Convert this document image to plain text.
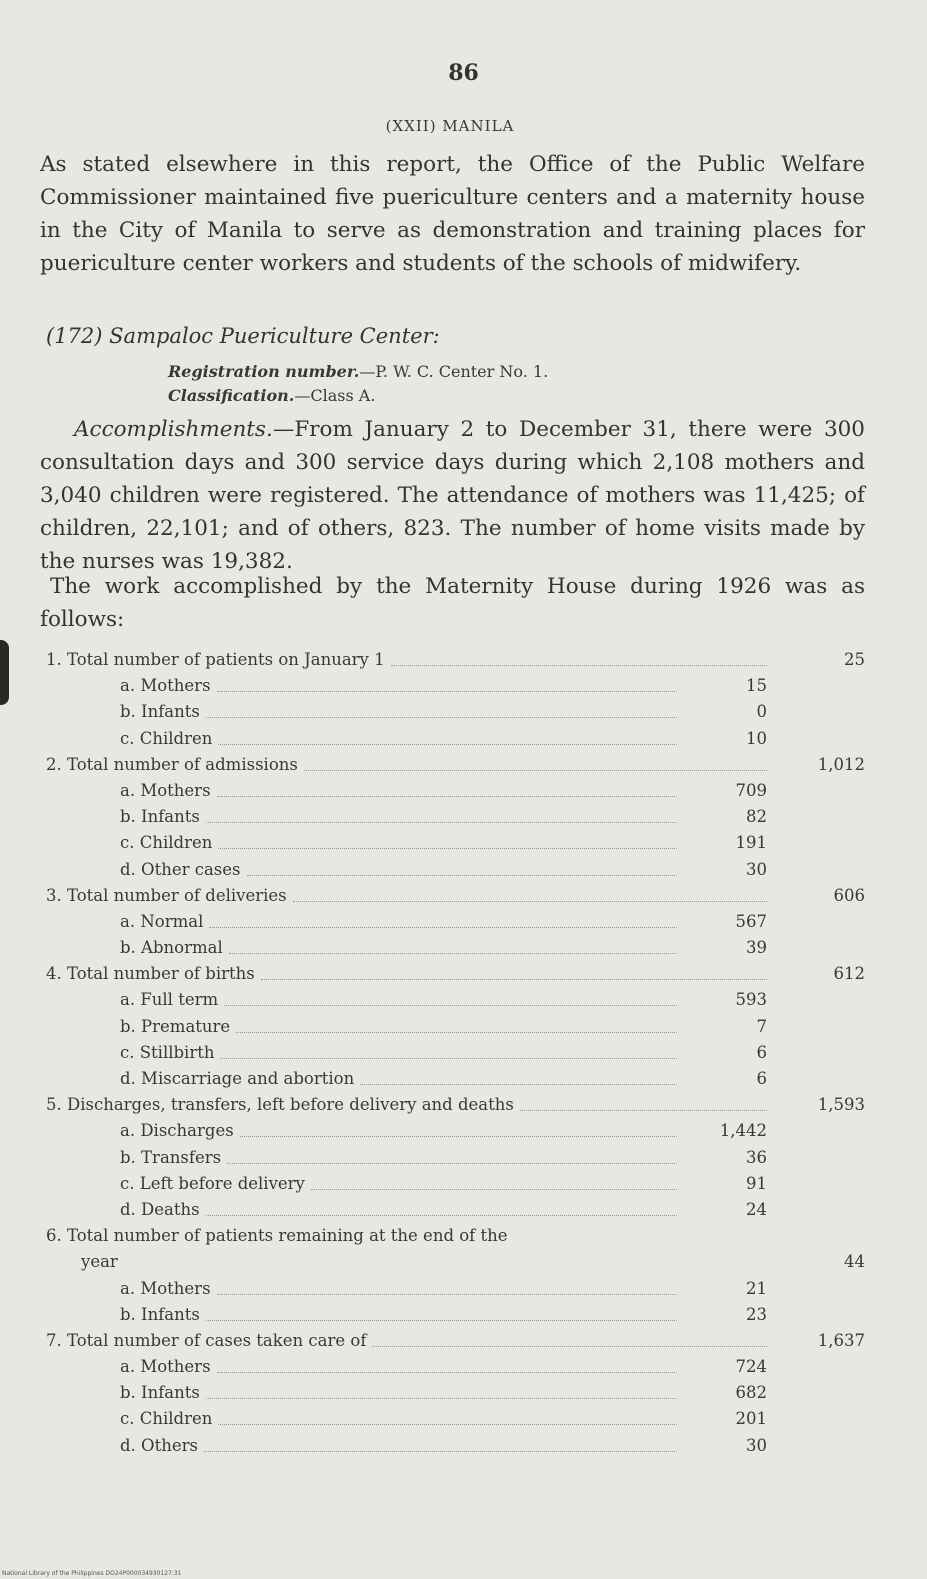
86
(XXII) MANILA
As stated elsewhere in this report, the Office of the Public Welfare Commissioner maintained five puericulture centers and a maternity house in the City of Manila to serve as demonstration and training places for puericulture center workers and students of the schools of midwifery.
(172) Sampaloc Puericulture Center:
Registration number.—P. W. C. Center No. 1.
Classification.—Class A.
Accomplishments.—From January 2 to December 31, there were 300 consultation days and 300 service days during which 2,108 mothers and 3,040 children were registered. The attendance of mothers was 11,425; of children, 22,101; and of others, 823. The number of home visits made by the nurses was 19,382.
The work accomplished by the Maternity House during 1926 was as follows:
1. Total number of patients on January 1	25
a. Mothers	15
b. Infants	0
c. Children	10
2. Total number of admissions	1,012
a. Mothers	709
b. Infants	82
c. Children	191
d. Other cases	30
3. Total number of deliveries	606
a. Normal	567
b. Abnormal	39
4. Total number of births	612
a. Full term	593
b. Premature	7
c. Stillbirth	6
d. Miscarriage and abortion	6
5. Discharges, transfers, left before delivery and deaths	1,593
a. Discharges	1,442
b. Transfers	36
c. Left before delivery	91
d. Deaths	24
6. Total number of patients remaining at the end of the
year	44
a. Mothers	21
b. Infants	23
7. Total number of cases taken care of	1,637
a. Mothers	724
b. Infants	682
c. Children	201
d. Others	30
National Library of the Philippines DO24P000034930127:31
